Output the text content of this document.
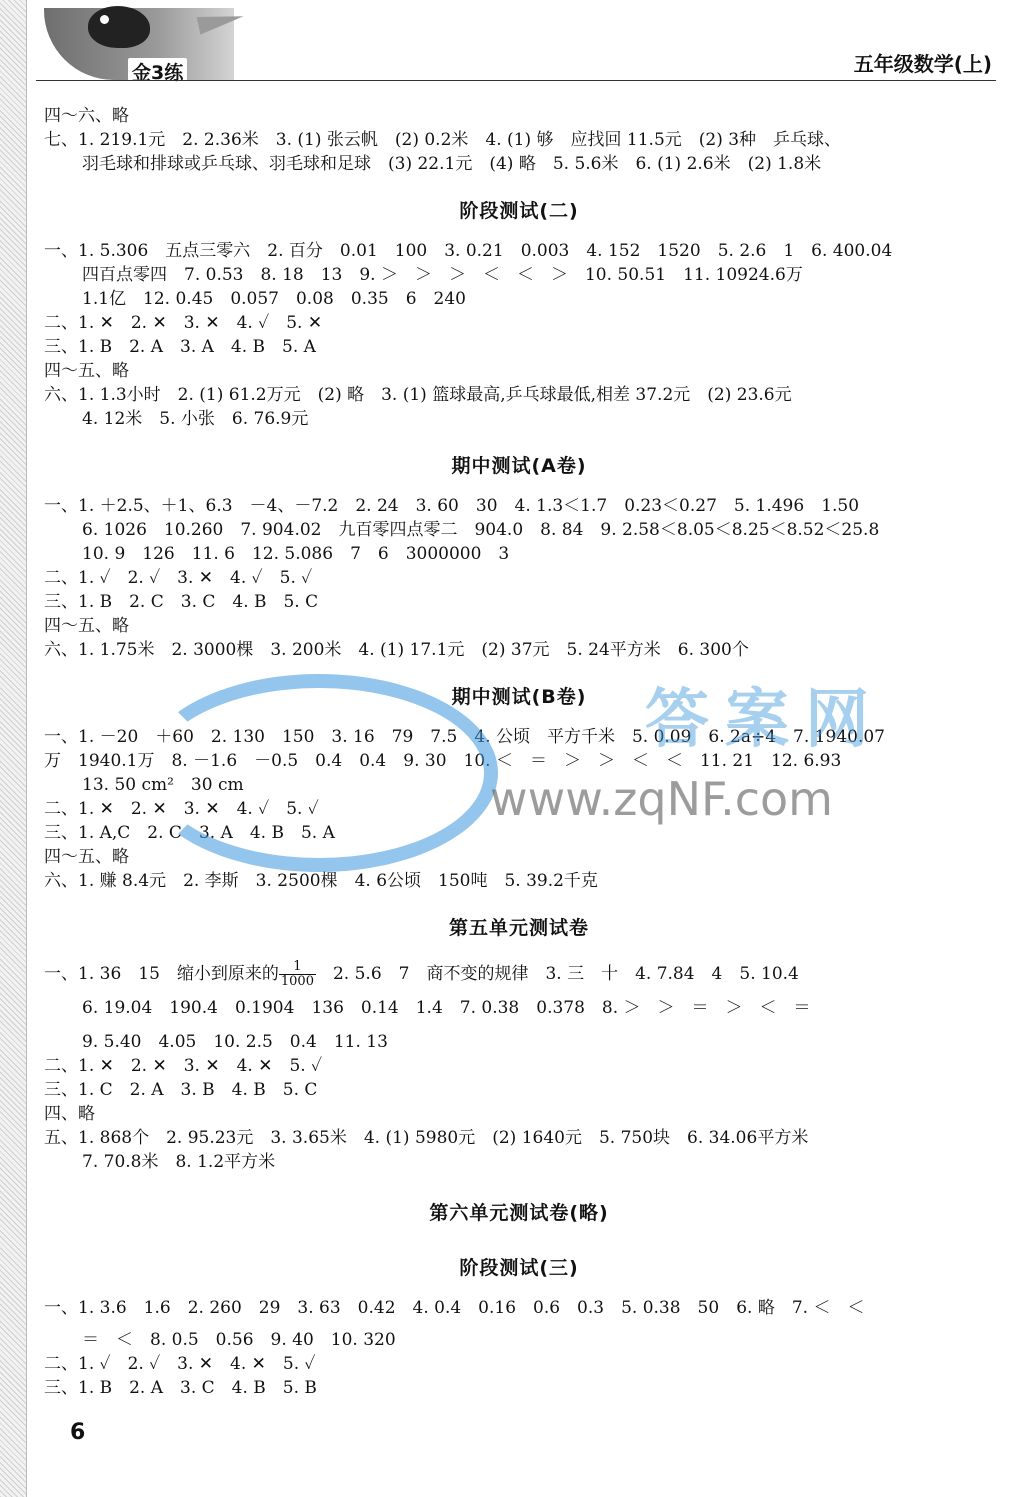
金3练	五年级数学(上)
四～六、略
七、1. 219.1元　2. 2.36米　3. (1) 张云帆　(2) 0.2米　4. (1) 够　应找回 11.5元　(2) 3种　乒乓球、
羽毛球和排球或乒乓球、羽毛球和足球　(3) 22.1元　(4) 略　5. 5.6米　6. (1) 2.6米　(2) 1.8米
阶段测试(二)
一、1. 5.306　五点三零六　2. 百分　0.01　100　3. 0.21　0.003　4. 152　1520　5. 2.6　1　6. 400.04
四百点零四　7. 0.53　8. 18　13　9. ＞　＞　＞　＜　＜　＞　10. 50.51　11. 10924.6万
1.1亿　12. 0.45　0.057　0.08　0.35　6　240
二、1. ✕　2. ✕　3. ✕　4. ✓　5. ✕
三、1. B　2. A　3. A　4. B　5. A
四～五、略
六、1. 1.3小时　2. (1) 61.2万元　(2) 略　3. (1) 篮球最高,乒乓球最低,相差 37.2元　(2) 23.6元
4. 12米　5. 小张　6. 76.9元
期中测试(A卷)
一、1. ＋2.5、＋1、6.3　－4、－7.2　2. 24　3. 60　30　4. 1.3＜1.7　0.23＜0.27　5. 1.496　1.50
6. 1026　10.260　7. 904.02　九百零四点零二　904.0　8. 84　9. 2.58＜8.05＜8.25＜8.52＜25.8
10. 9　126　11. 6　12. 5.086　7　6　3000000　3
二、1. ✓　2. ✓　3. ✕　4. ✓　5. ✓
三、1. B　2. C　3. C　4. B　5. C
四～五、略
六、1. 1.75米　2. 3000棵　3. 200米　4. (1) 17.1元　(2) 37元　5. 24平方米　6. 300个
期中测试(B卷)
一、1. －20　＋60　2. 130　150　3. 16　79　7.5　4. 公顷　平方千米　5. 0.09　6. 2a÷4　7. 1940.07
万　1940.1万　8. －1.6　－0.5　0.4　0.4　9. 30　10. ＜　＝　＞　＞　＜　＜　11. 21　12. 6.93
13. 50 cm²　30 cm
二、1. ✕　2. ✕　3. ✕　4. ✓　5. ✓
三、1. A,C　2. C　3. A　4. B　5. A
四～五、略
六、1. 赚 8.4元　2. 李斯　3. 2500棵　4. 6公顷　150吨　5. 39.2千克
第五单元测试卷
一、1. 36　15　缩小到原来的 $\frac{1}{1000}$ 　2. 5.6　7　商不变的规律　3. 三　十　4. 7.84　4　5. 10.4
6. 19.04　190.4　0.1904　136　0.14　1.4　7. 0.38　0.378　8. ＞　＞　＝　＞　＜　＝
9. 5.40　4.05　10. 2.5　0.4　11. 13
二、1. ✕　2. ✕　3. ✕　4. ✕　5. ✓
三、1. C　2. A　3. B　4. B　5. C
四、略
五、1. 868个　2. 95.23元　3. 3.65米　4. (1) 5980元　(2) 1640元　5. 750块　6. 34.06平方米
7. 70.8米　8. 1.2平方米
第六单元测试卷(略)
阶段测试(三)
一、1. 3.6　1.6　2. 260　29　3. 63　0.42　4. 0.4　0.16　0.6　0.3　5. 0.38　50　6. 略　7. ＜　＜
＝　＜　8. 0.5　0.56　9. 40　10. 320
二、1. ✓　2. ✓　3. ✕　4. ✕　5. ✓
三、1. B　2. A　3. C　4. B　5. B
答案网
www.zqNF.com
6
